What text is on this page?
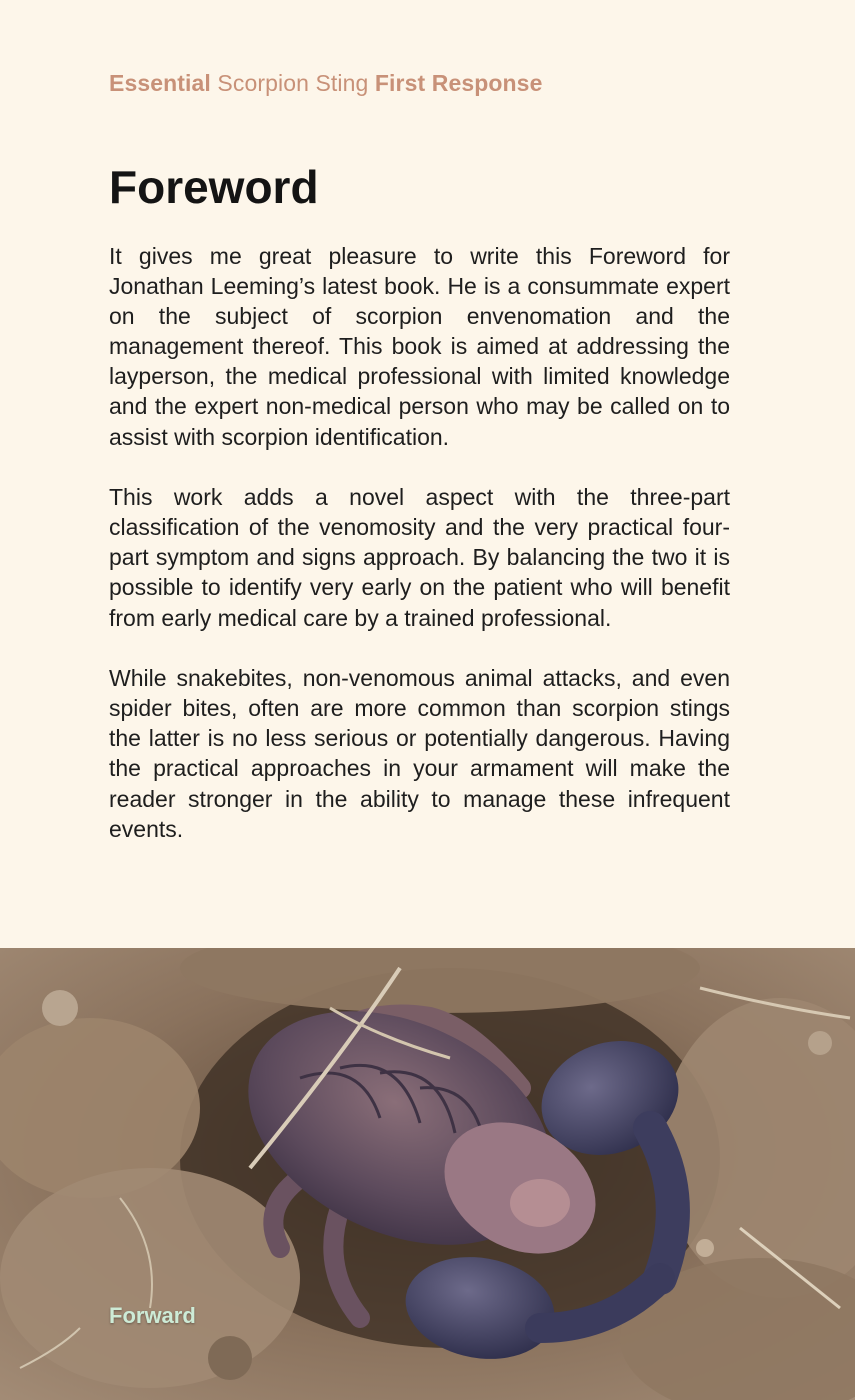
Essential Scorpion Sting First Response
Foreword

It gives me great pleasure to write this Foreword for Jonathan Leeming’s latest book. He is a consummate expert on the subject of scorpion envenomation and the management thereof. This book is aimed at addressing the layperson, the medical professional with limited knowledge and the expert non-medical person who may be called on to assist with scorpion identification.

This work adds a novel aspect with the three-part classification of the venomosity and the very practical four-part symptom and signs approach. By balancing the two it is possible to identify very early on the patient who will benefit from early medical care by a trained professional.

While snakebites, non-venomous animal attacks, and even spider bites, often are more common than scorpion stings the latter is no less serious or potentially dangerous. Having the practical approaches in your armament will make the reader stronger in the ability to manage these infrequent events.

Forward
